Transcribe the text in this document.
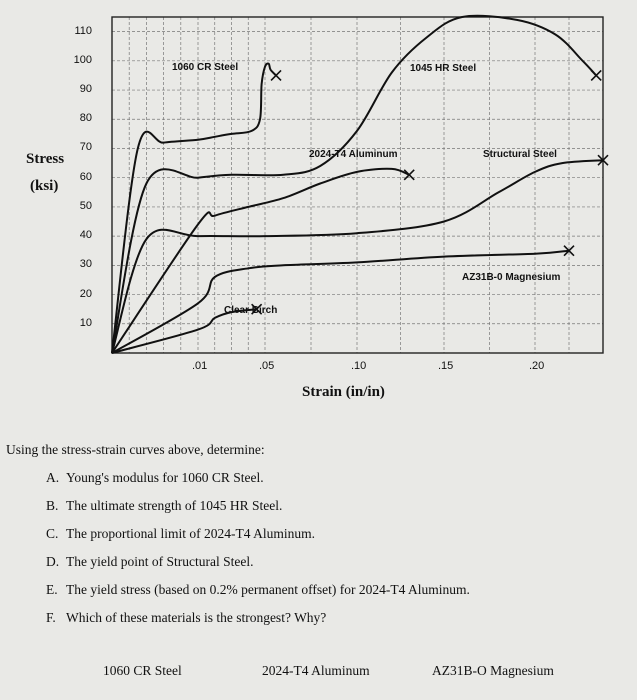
Stress
(ksi)
10
20
30
40
50
60
70
80
90
100
110
.01	.05	.10	.15	.20
Strain (in/in)
1060 CR Steel	1045 HR Steel
2024-T4 Aluminum	Structural Steel
AZ31B-0 Magnesium
Clear Birch

Using the stress-strain curves above, determine:

A. Young's modulus for 1060 CR Steel.

B. The ultimate strength of 1045 HR Steel.

C. The proportional limit of 2024-T4 Aluminum.

D. The yield point of Structural Steel.

E. The yield stress (based on 0.2% permanent offset) for 2024-T4 Aluminum.

F. Which of these materials is the strongest? Why?

1060 CR Steel	2024-T4 Aluminum	AZ31B-O Magnesium
